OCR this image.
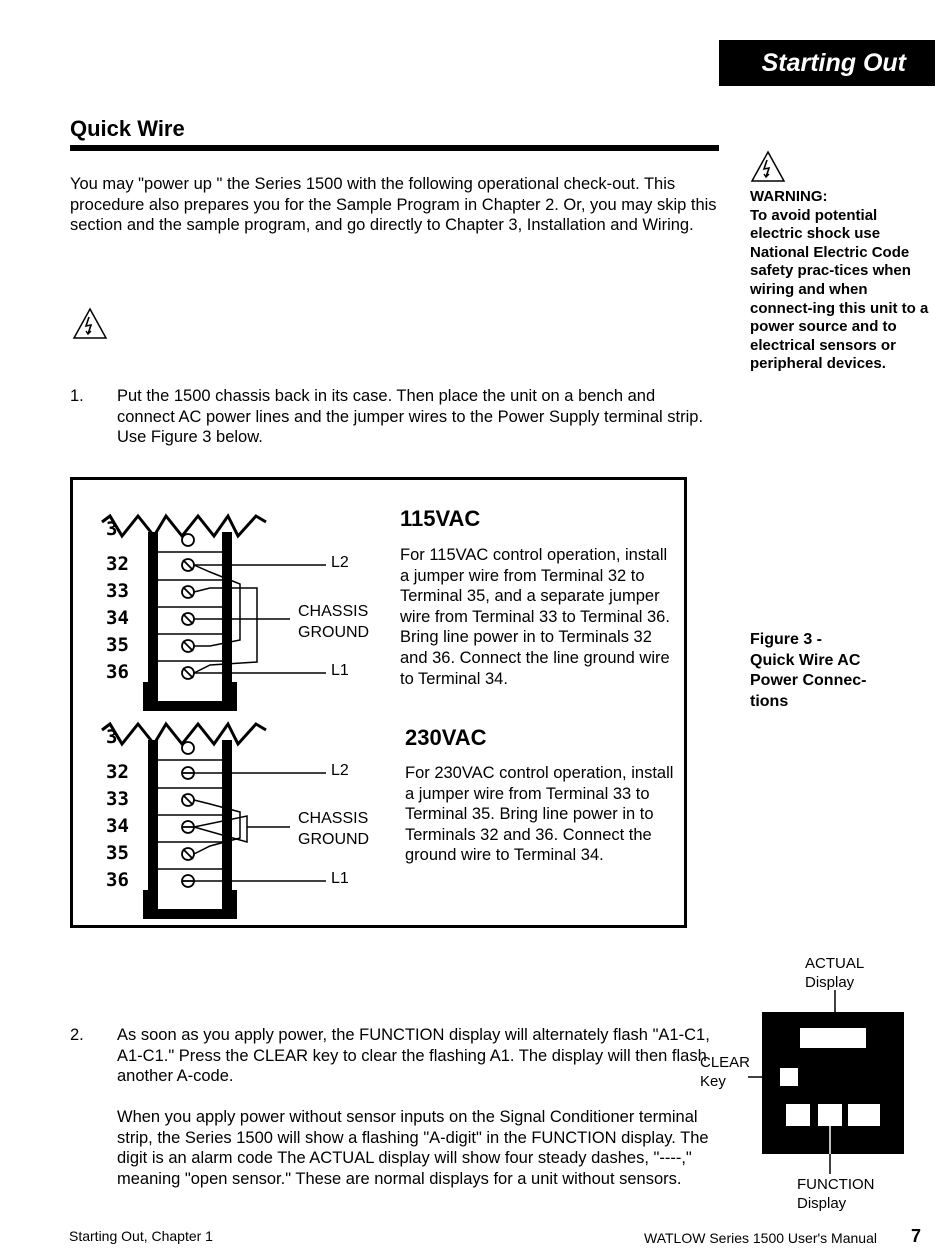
Starting Out
Quick Wire
You may "power up " the Series 1500 with the following operational check-out. This procedure also prepares you for the Sample Program in Chapter 2. Or, you may skip this section and the sample program, and go directly to Chapter 3, Installation and Wiring.
WARNING:
To avoid potential electric shock use National Electric Code safety prac-tices when wiring and when connect-ing this unit to a power source and to electrical sensors or peripheral devices.
1. Put the 1500 chassis back in its case. Then place the unit on a bench and connect AC power lines and the jumper wires to the Power Supply terminal strip. Use Figure 3 below.
L2
CHASSIS
GROUND
L1
L2
CHASSIS
GROUND
L1
3
32
33
34
35
36
3
32
33
34
35
36
115VAC
For 115VAC control operation, install a jumper wire from Terminal 32 to Terminal 35, and a separate jumper wire from Terminal 33 to Terminal 36. Bring line power in to Terminals 32 and 36. Connect the line ground wire to Terminal 34.
230VAC
For 230VAC control operation, install a jumper wire from Terminal 33 to Terminal 35. Bring line power in to Terminals 32 and 36. Connect the ground wire to Terminal 34.
Figure 3 -
Quick Wire AC
Power Connec-
tions
2. As soon as you apply power, the FUNCTION display will alternately flash "A1-C1, A1-C1." Press the CLEAR key to clear the flashing A1. The display will then flash another A-code.
When you apply power without sensor inputs on the Signal Conditioner terminal strip, the Series 1500 will show a flashing "A-digit" in the FUNCTION display. The digit is an alarm code The ACTUAL display will show four steady dashes, "----," meaning "open sensor." These are normal displays for a unit without sensors.
ACTUAL
Display
CLEAR
Key
FUNCTION
Display
Starting Out, Chapter 1	WATLOW Series 1500 User's Manual 7
